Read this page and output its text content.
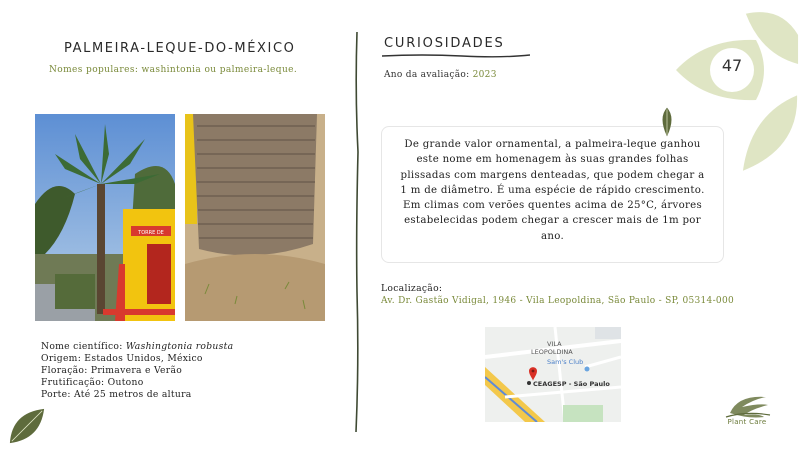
PALMEIRA-LEQUE-DO-MÉXICO
Nomes populares: washintonia ou palmeira-leque.
TORRE DE
Nome científico: Washingtonia robusta
Origem: Estados Unidos, México
Floração: Primavera e Verão
Frutificação: Outono
Porte: Até 25 metros de altura
CURIOSIDADES
Ano da avaliação: 2023	47
De grande valor ornamental, a palmeira-leque ganhou este nome em homenagem às suas grandes folhas plissadas com margens denteadas, que podem chegar a 1 m de diâmetro. É uma espécie de rápido crescimento. Em climas com verões quentes acima de 25°C, árvores estabelecidas podem chegar a crescer mais de 1m por ano.
Localização:
Av. Dr. Gastão Vidigal, 1946 - Vila Leopoldina, São Paulo - SP, 05314-000
VILA
LEOPOLDINA
Sam's Club
CEAGESP - São Paulo
Plant Care
